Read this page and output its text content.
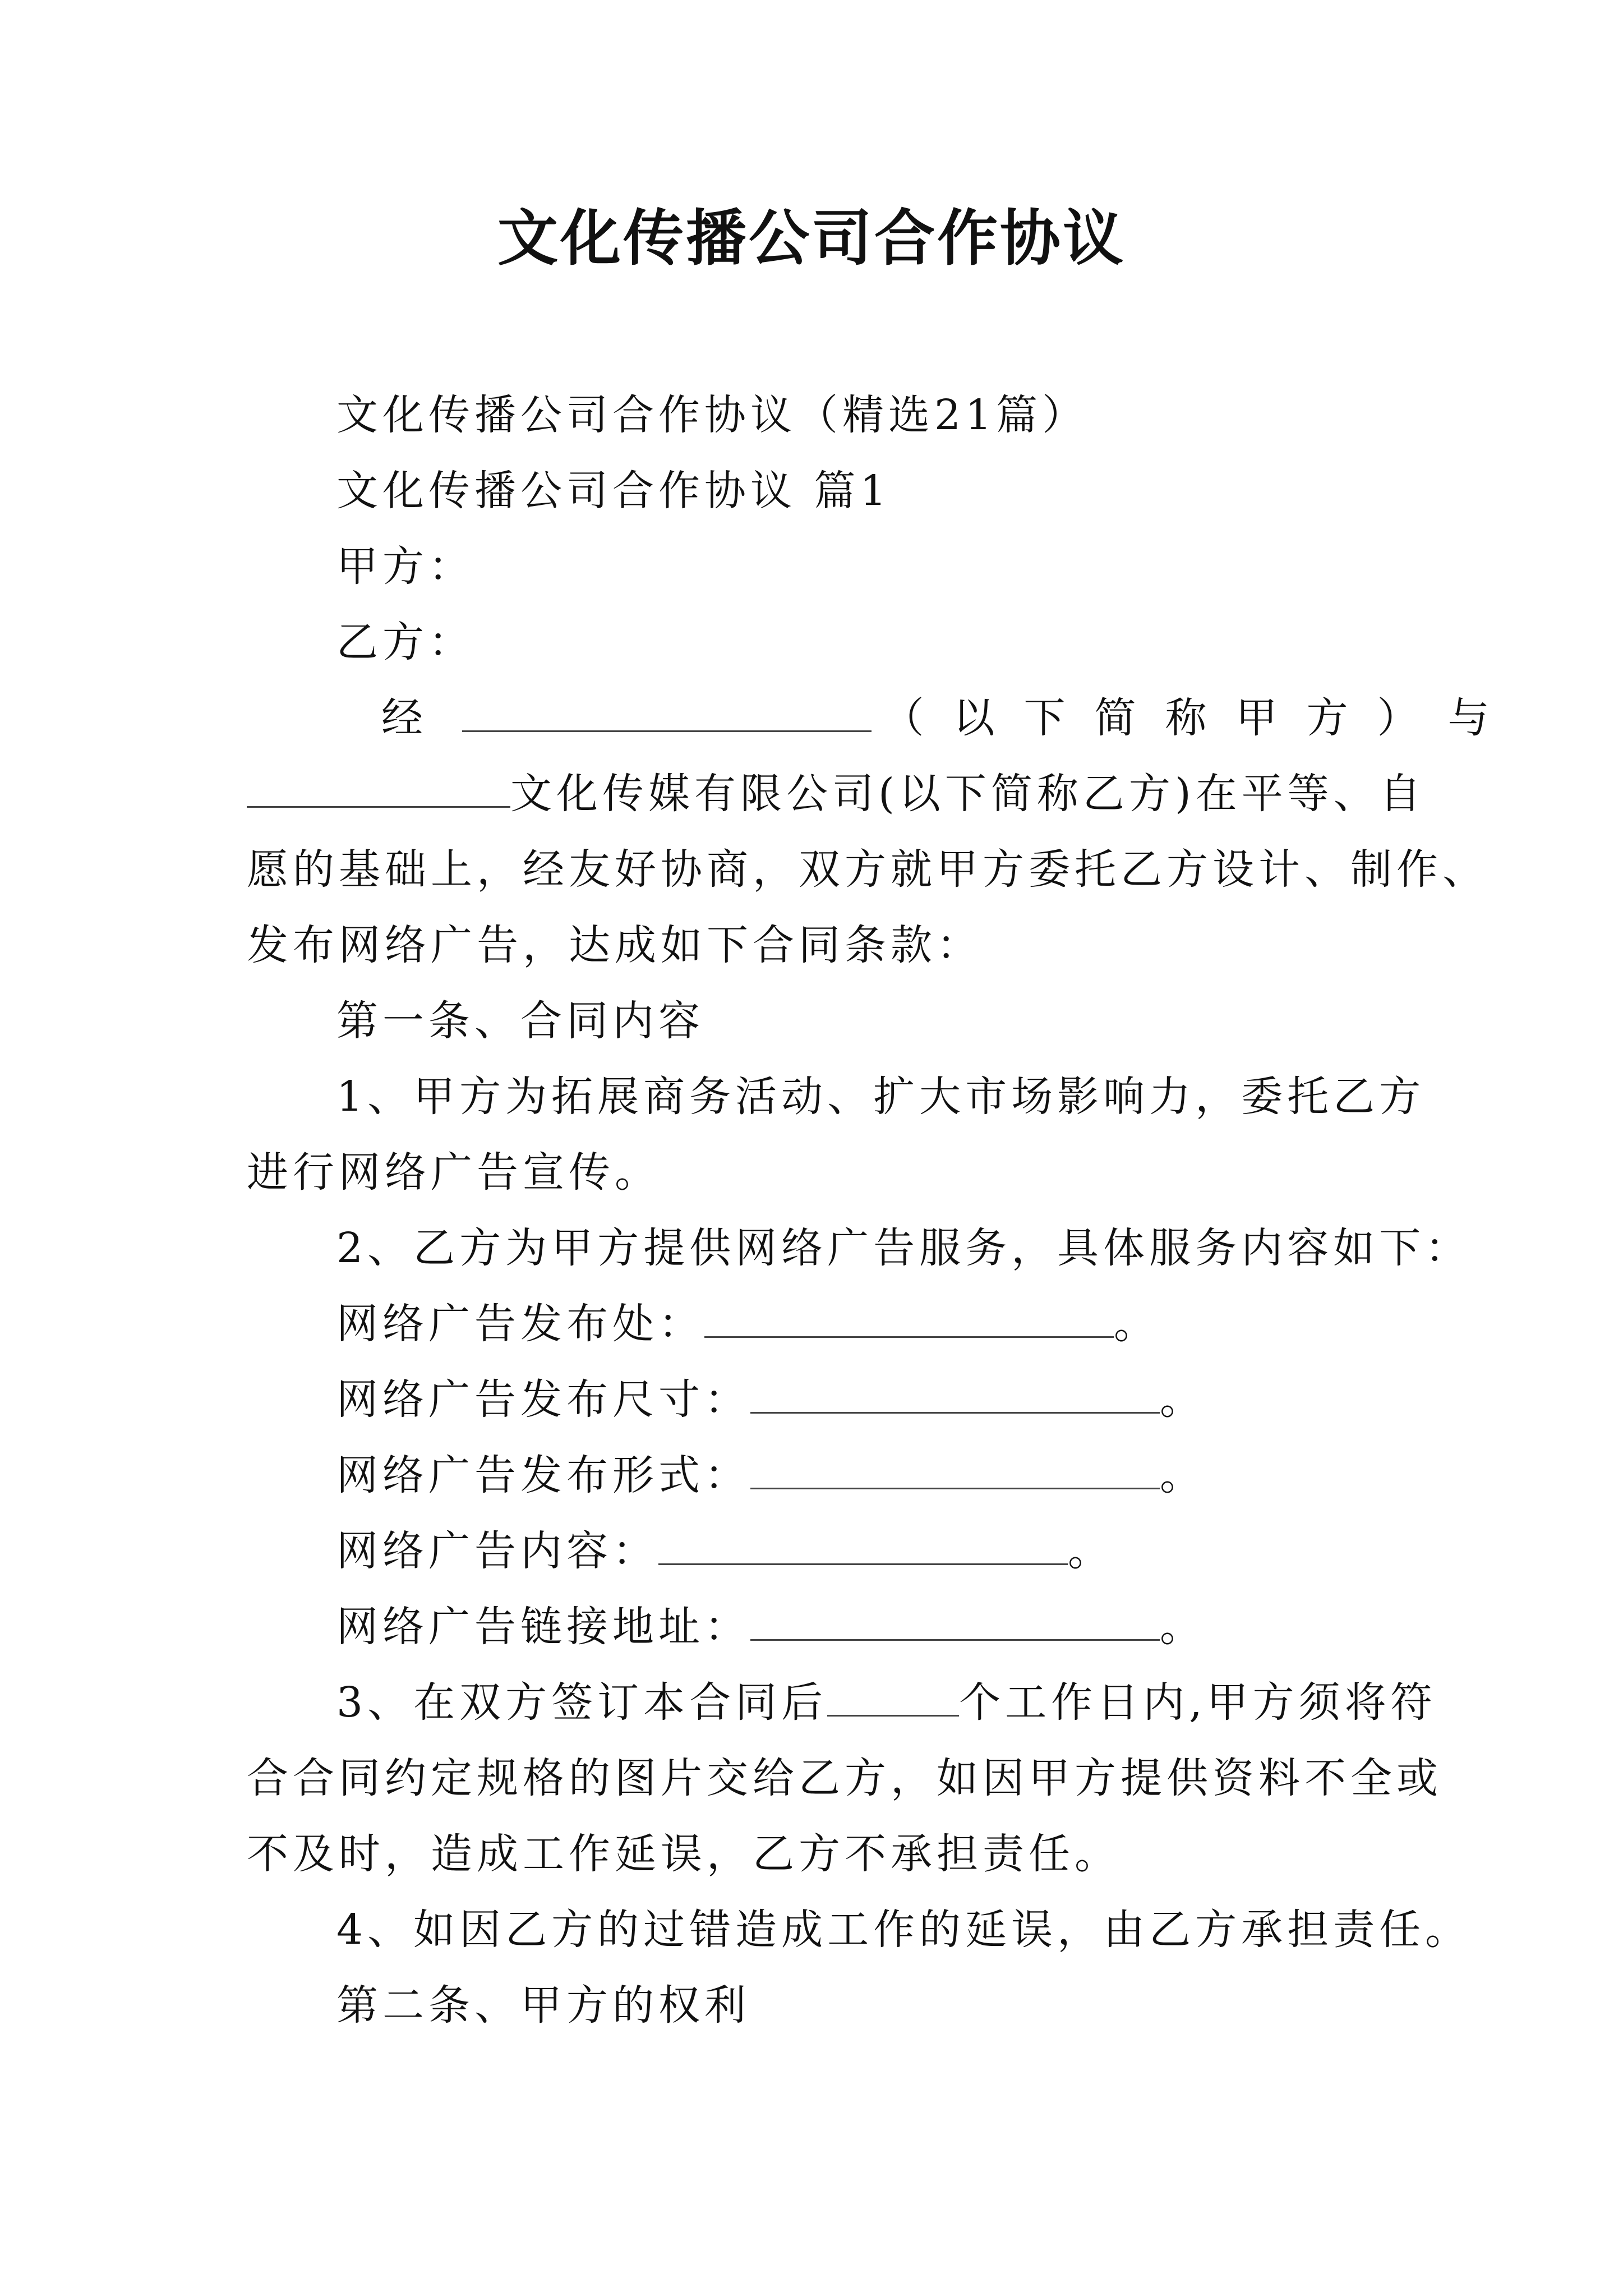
文化传播公司合作协议
文化传播公司合作协议（精选21篇）
文化传播公司合作协议 篇1
甲方：
乙方：
经	（以下简称甲方）与
文化传媒有限公司(以下简称乙方)在平等、自
愿的基础上，经友好协商，双方就甲方委托乙方设计、制作、
发布网络广告，达成如下合同条款：
第一条、合同内容
1、甲方为拓展商务活动、扩大市场影响力，委托乙方
进行网络广告宣传。
2、乙方为甲方提供网络广告服务，具体服务内容如下：
网络广告发布处：	。
网络广告发布尺寸：	。
网络广告发布形式：	。
网络广告内容：	。
网络广告链接地址：	。
3、在双方签订本合同后	个工作日内,甲方须将符
合合同约定规格的图片交给乙方，如因甲方提供资料不全或
不及时，造成工作延误，乙方不承担责任。
4、如因乙方的过错造成工作的延误，由乙方承担责任。
第二条、甲方的权利
